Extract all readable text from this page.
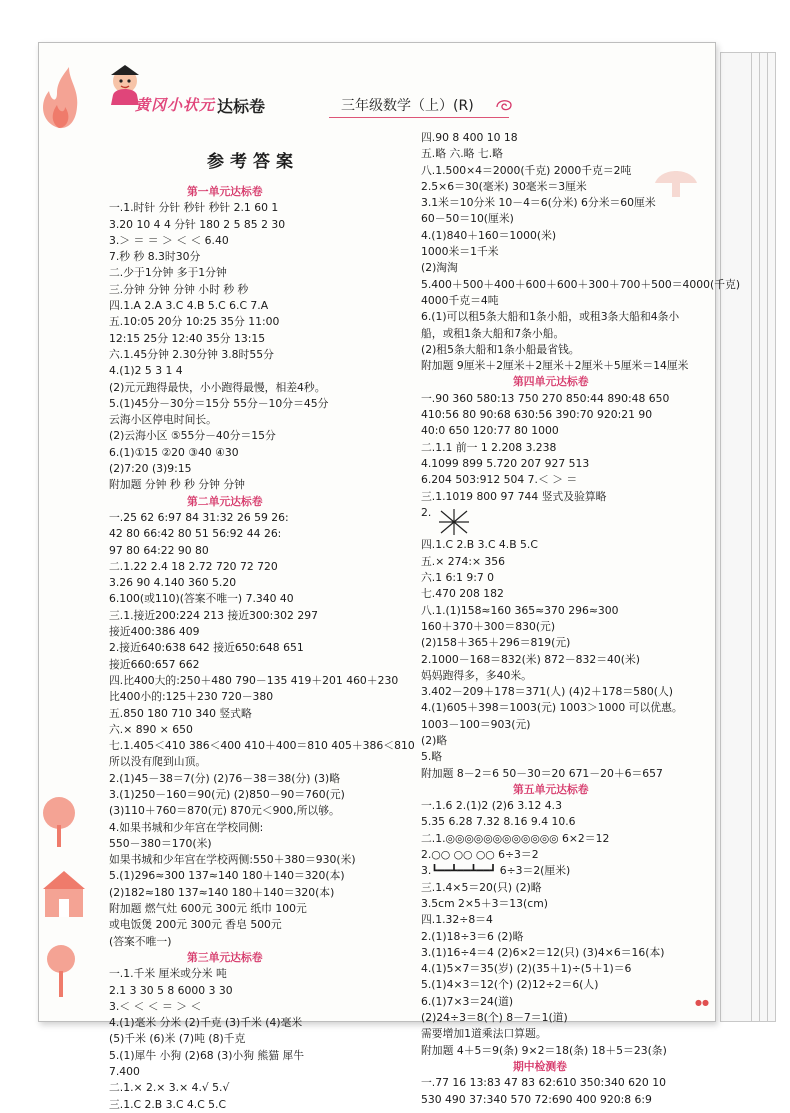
黄冈小状元 达标卷	三年级数学（上）(R)
参考答案
第一单元达标卷
一.1.时针 分针 秒针 秒针 2.1 60 1
3.20 10 4 4 分针 180 2 5 85 2 30
3.＞ ＝ ＝ ＞ ＜ ＜ 6.40
7.秒 秒 8.3时30分
二.少于1分钟 多于1分钟
三.分钟 分钟 分钟 小时 秒 秒
四.1.A 2.A 3.C 4.B 5.C 6.C 7.A
五.10:05 20分 10:25 35分 11:00
12:15 25分 12:40 35分 13:15
六.1.45分钟 2.30分钟 3.8时55分
4.(1)2 5 3 1 4
(2)元元跑得最快，小小跑得最慢，相差4秒。
5.(1)45分－30分＝15分 55分－10分＝45分
云海小区停电时间长。
(2)云海小区 ⑤55分－40分＝15分
6.(1)①15 ②20 ③40 ④30
(2)7:20 (3)9:15
附加题 分钟 秒 秒 分钟 分钟
第二单元达标卷
一.25 62 6:97 84 31:32 26 59 26:
42 80 66:42 80 51 56:92 44 26:
97 80 64:22 90 80
二.1.22 2.4 18 2.72 720 72 720
3.26 90 4.140 360 5.20
6.100(或110)(答案不唯一) 7.340 40
三.1.接近200:224 213 接近300:302 297
接近400:386 409
2.接近640:638 642 接近650:648 651
接近660:657 662
四.比400大的:250＋480 790－135 419＋201 460＋230
比400小的:125＋230 720－380
五.850 180 710 340 竖式略
六.× 890 × 650
七.1.405＜410 386＜400 410＋400＝810 405＋386＜810
所以没有爬到山顶。
2.(1)45－38＝7(分) (2)76－38＝38(分) (3)略
3.(1)250－160＝90(元) (2)850－90＝760(元)
(3)110＋760＝870(元) 870元＜900,所以够。
4.如果书城和少年宫在学校同侧:
550－380＝170(米)
如果书城和少年宫在学校两侧:550＋380＝930(米)
5.(1)296≈300 137≈140 180＋140＝320(本)
(2)182≈180 137≈140 180＋140＝320(本)
附加题 燃气灶 600元 300元 纸巾 100元
或电饭煲 200元 300元 香皂 500元
(答案不唯一)
第三单元达标卷
一.1.千米 厘米或分米 吨
2.1 3 30 5 8 6000 3 30
3.＜ ＜ ＜ ＝ ＞ ＜
4.(1)毫米 分米 (2)千克 (3)千米 (4)毫米
(5)千米 (6)米 (7)吨 (8)千克
5.(1)犀牛 小狗 (2)68 (3)小狗 熊猫 犀牛
7.400
二.1.× 2.× 3.× 4.√ 5.√
三.1.C 2.B 3.C 4.C 5.C
四.90 8 400 10 18
五.略 六.略 七.略
八.1.500×4＝2000(千克) 2000千克＝2吨
2.5×6＝30(毫米) 30毫米＝3厘米
3.1米＝10分米 10－4＝6(分米) 6分米＝60厘米
60－50＝10(厘米)
4.(1)840＋160＝1000(米)
1000米＝1千米
(2)淘淘
5.400＋500＋400＋600＋600＋300＋700＋500＝4000(千克)
4000千克＝4吨
6.(1)可以租5条大船和1条小船，或租3条大船和4条小
船，或租1条大船和7条小船。
(2)租5条大船和1条小船最省钱。
附加题 9厘米＋2厘米＋2厘米＋2厘米＋5厘米＝14厘米
第四单元达标卷
一.90 360 580:13 750 270 850:44 890:48 650
410:56 80 90:68 630:56 390:70 920:21 90
40:0 650 120:77 80 1000
二.1.1 前一 1 2.208 3.238
4.1099 899 5.720 207 927 513
6.204 503:912 504 7.＜ ＞ ＝
三.1.1019 800 97 744 竖式及验算略
2.
四.1.C 2.B 3.C 4.B 5.C
五.× 274:× 356
六.1 6:1 9:7 0
七.470 208 182
八.1.(1)158≈160 365≈370 296≈300
160＋370＋300＝830(元)
(2)158＋365＋296＝819(元)
2.1000－168＝832(米) 872－832＝40(米)
妈妈跑得多，多40米。
3.402－209＋178＝371(人) (4)2＋178＝580(人)
4.(1)605＋398＝1003(元) 1003＞1000 可以优惠。
1003－100＝903(元)
(2)略
5.略
附加题 8－2＝6 50－30＝20 671－20＋6＝657
第五单元达标卷
一.1.6 2.(1)2 (2)6 3.12 4.3
5.35 6.28 7.32 8.16 9.4 10.6
二.1.◎◎◎◎◎◎◎◎◎◎◎◎ 6×2＝12
2.○○ ○○ ○○ 6÷3＝2
3.┗━━┻━━┻━━┛ 6÷3＝2(厘米)
三.1.4×5＝20(只) (2)略
3.5cm 2×5＋3＝13(cm)
四.1.32÷8＝4
2.(1)18÷3＝6 (2)略
3.(1)16÷4＝4 (2)6×2＝12(只) (3)4×6＝16(本)
4.(1)5×7＝35(岁) (2)(35＋1)÷(5＋1)＝6
5.(1)4×3＝12(个) (2)12÷2＝6(人)
6.(1)7×3＝24(道)
(2)24÷3＝8(个) 8－7＝1(道)
需要增加1道乘法口算题。
附加题 4＋5＝9(条) 9×2＝18(条) 18＋5＝23(条)
期中检测卷
一.77 16 13:83 47 83 62:610 350:340 620 10
530 490 37:340 570 72:690 400 920:8 6:9
●●
